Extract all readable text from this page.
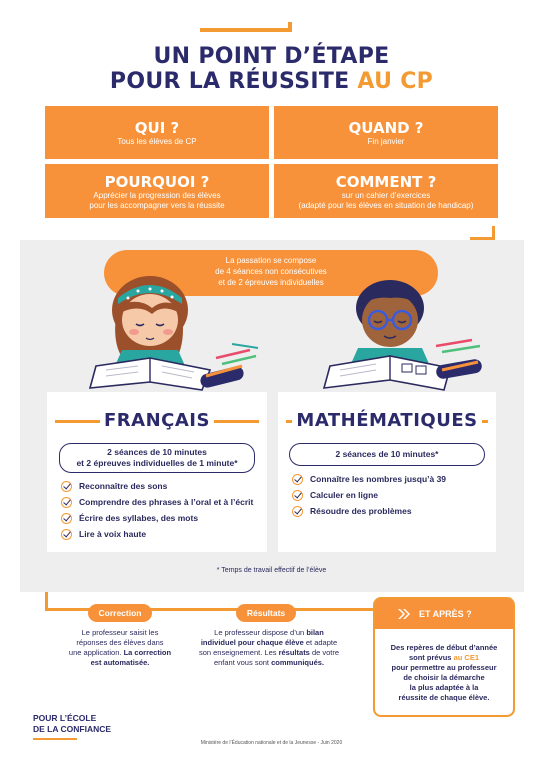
UN POINT D’ÉTAPE
POUR LA RÉUSSITE AU CP
QUI ?
Tous les élèves de CP
QUAND ?
Fin janvier
POURQUOI ?
Apprécier la progression des élèves
pour les accompagner vers la réussite
COMMENT ?
sur un cahier d’exercices
(adapté pour les élèves en situation de handicap)
La passation se compose
de 4 séances non consécutives
et de 2 épreuves individuelles
FRANÇAIS
2 séances de 10 minutes
et 2 épreuves individuelles de 1 minute*
Reconnaître des sons
Comprendre des phrases à l’oral et à l’écrit
Écrire des syllabes, des mots
Lire à voix haute
MATHÉMATIQUES
2 séances de 10 minutes*
Connaître les nombres jusqu’à 39
Calculer en ligne
Résoudre des problèmes
* Temps de travail effectif de l’élève
Correction	Résultats
Le professeur saisit les
réponses des élèves dans
une application. La correction
est automatisée.
Le professeur dispose d’un bilan
individuel pour chaque élève et adapte
son enseignement. Les résultats de votre
enfant vous sont communiqués.
ET APRÈS ?
Des repères de début d’année
sont prévus au CE1
pour permettre au professeur
de choisir la démarche
la plus adaptée à la
réussite de chaque élève.
POUR L’ÉCOLE
DE LA CONFIANCE
Ministère de l’Éducation nationale et de la Jeunesse - Juin 2020
